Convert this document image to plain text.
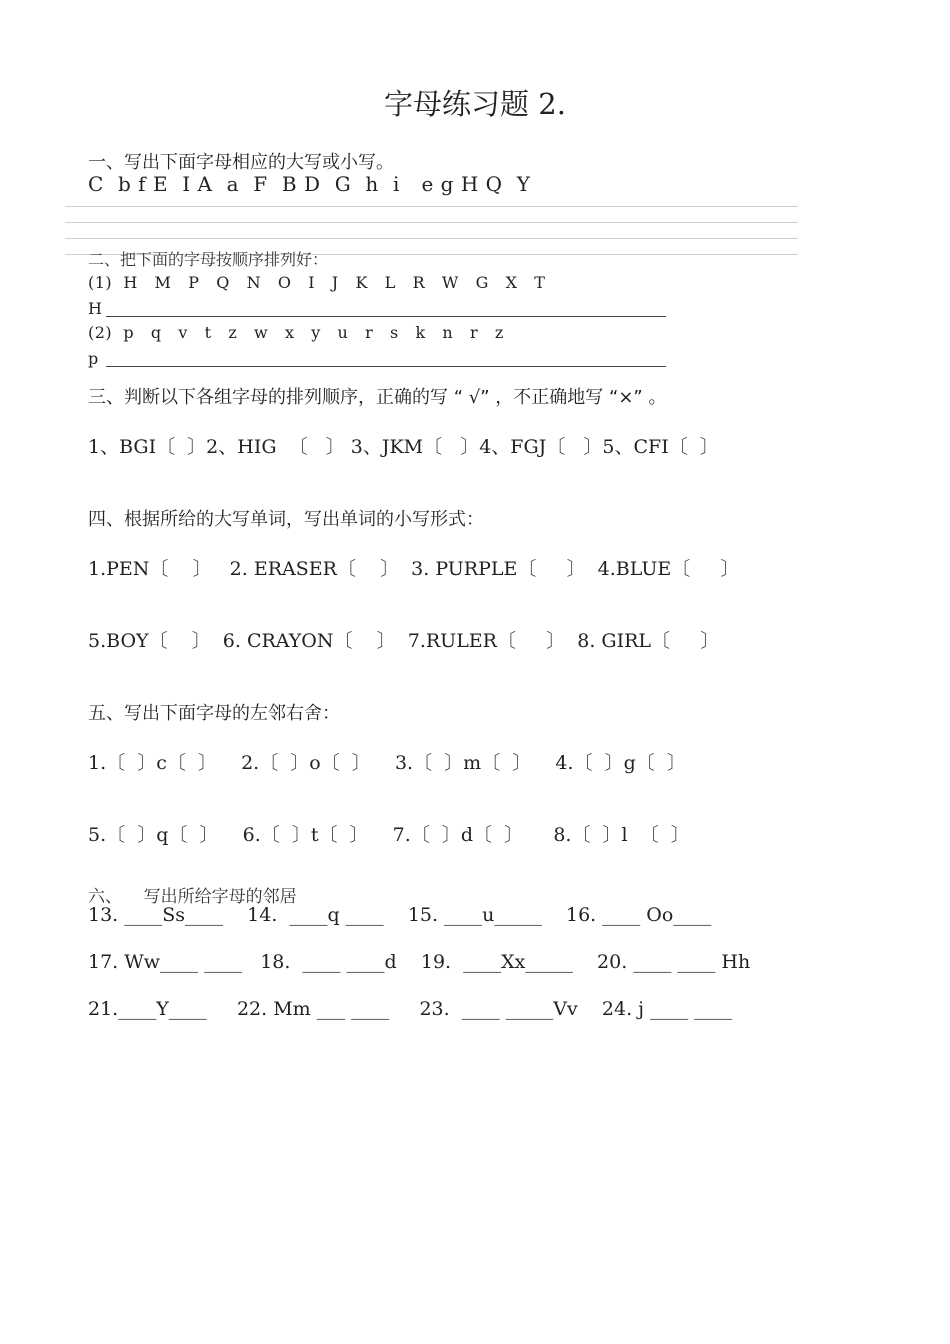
字母练习题 2.
一、写出下面字母相应的大写或小写。
C  b f E  I A  a  F  B D  G  h  i   e g H Q  Y
二、把下面的字母按顺序排列好：
(1)  H   M   P   Q   N   O   I   J   K   L   R   W   G   X   T
H
(2)  p   q   v   t   z   w   x   y   u   r   s   k   n   r   z
p
三、判断以下各组字母的排列顺序，正确的写 “ √” ，不正确地写 “×” 。
1、BGI〔  〕2、HIG  〔   〕 3、JKM〔   〕4、FGJ〔   〕5、CFI〔  〕
四、根据所给的大写单词，写出单词的小写形式：
1.PEN〔    〕   2. ERASER〔    〕  3. PURPLE〔     〕  4.BLUE〔     〕
5.BOY〔    〕  6. CRAYON〔    〕  7.RULER〔     〕  8. GIRL〔     〕
五、写出下面字母的左邻右舍：
1.〔  〕c〔  〕    2.〔  〕o〔  〕    3.〔  〕m〔  〕    4.〔  〕g〔  〕
5.〔  〕q〔  〕    6.〔  〕t〔  〕    7.〔  〕d〔  〕     8.〔  〕l  〔  〕
六、    写出所给字母的邻居
13. ____Ss____    14.  ____q ____    15. ____u_____    16. ____ Oo____
17. Ww____ ____   18.  ____ ____d    19.  ____Xx_____    20. ____ ____ Hh
21.____Y____     22. Mm ___ ____     23.  ____ _____Vv    24. j ____ ____
